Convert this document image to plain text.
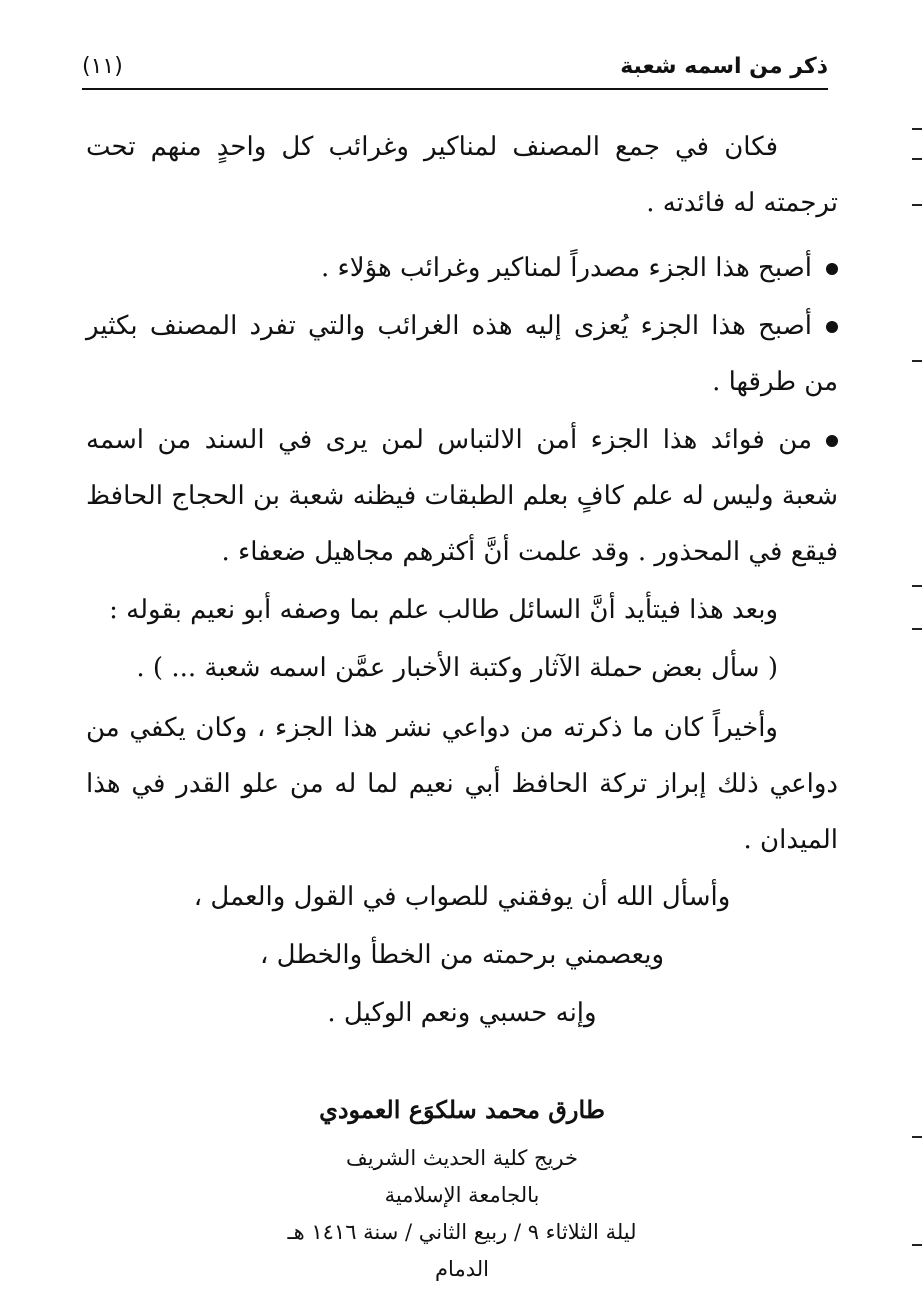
ذكر من اسمه شعبة
(١١)

فكان في جمع المصنف لمناكير وغرائب كل واحدٍ منهم تحت ترجمته له فائدته .

أصبح هذا الجزء مصدراً لمناكير وغرائب هؤلاء .

أصبح هذا الجزء يُعزى إليه هذه الغرائب والتي تفرد المصنف بكثير من طرقها .

من فوائد هذا الجزء أمن الالتباس لمن يرى في السند من اسمه شعبة وليس له علم كافٍ بعلم الطبقات فيظنه شعبة بن الحجاج الحافظ فيقع في المحذور . وقد علمت أنَّ أكثرهم مجاهيل ضعفاء .

وبعد هذا فيتأيد أنَّ السائل طالب علم بما وصفه أبو نعيم بقوله :

( سأل بعض حملة الآثار وكتبة الأخبار عمَّن اسمه شعبة ... ) .

وأخيراً كان ما ذكرته من دواعي نشر هذا الجزء ، وكان يكفي من دواعي ذلك إبراز تركة الحافظ أبي نعيم لما له من علو القدر في هذا الميدان .

وأسأل الله أن يوفقني للصواب في القول والعمل ،
ويعصمني برحمته من الخطأ والخطل ،
وإنه حسبي ونعم الوكيل .
طارق محمد سلكوَع العمودي
خريج كلية الحديث الشريف
بالجامعة الإسلامية
ليلة الثلاثاء ٩ / ربيع الثاني / سنة ١٤١٦ هـ
الدمام
